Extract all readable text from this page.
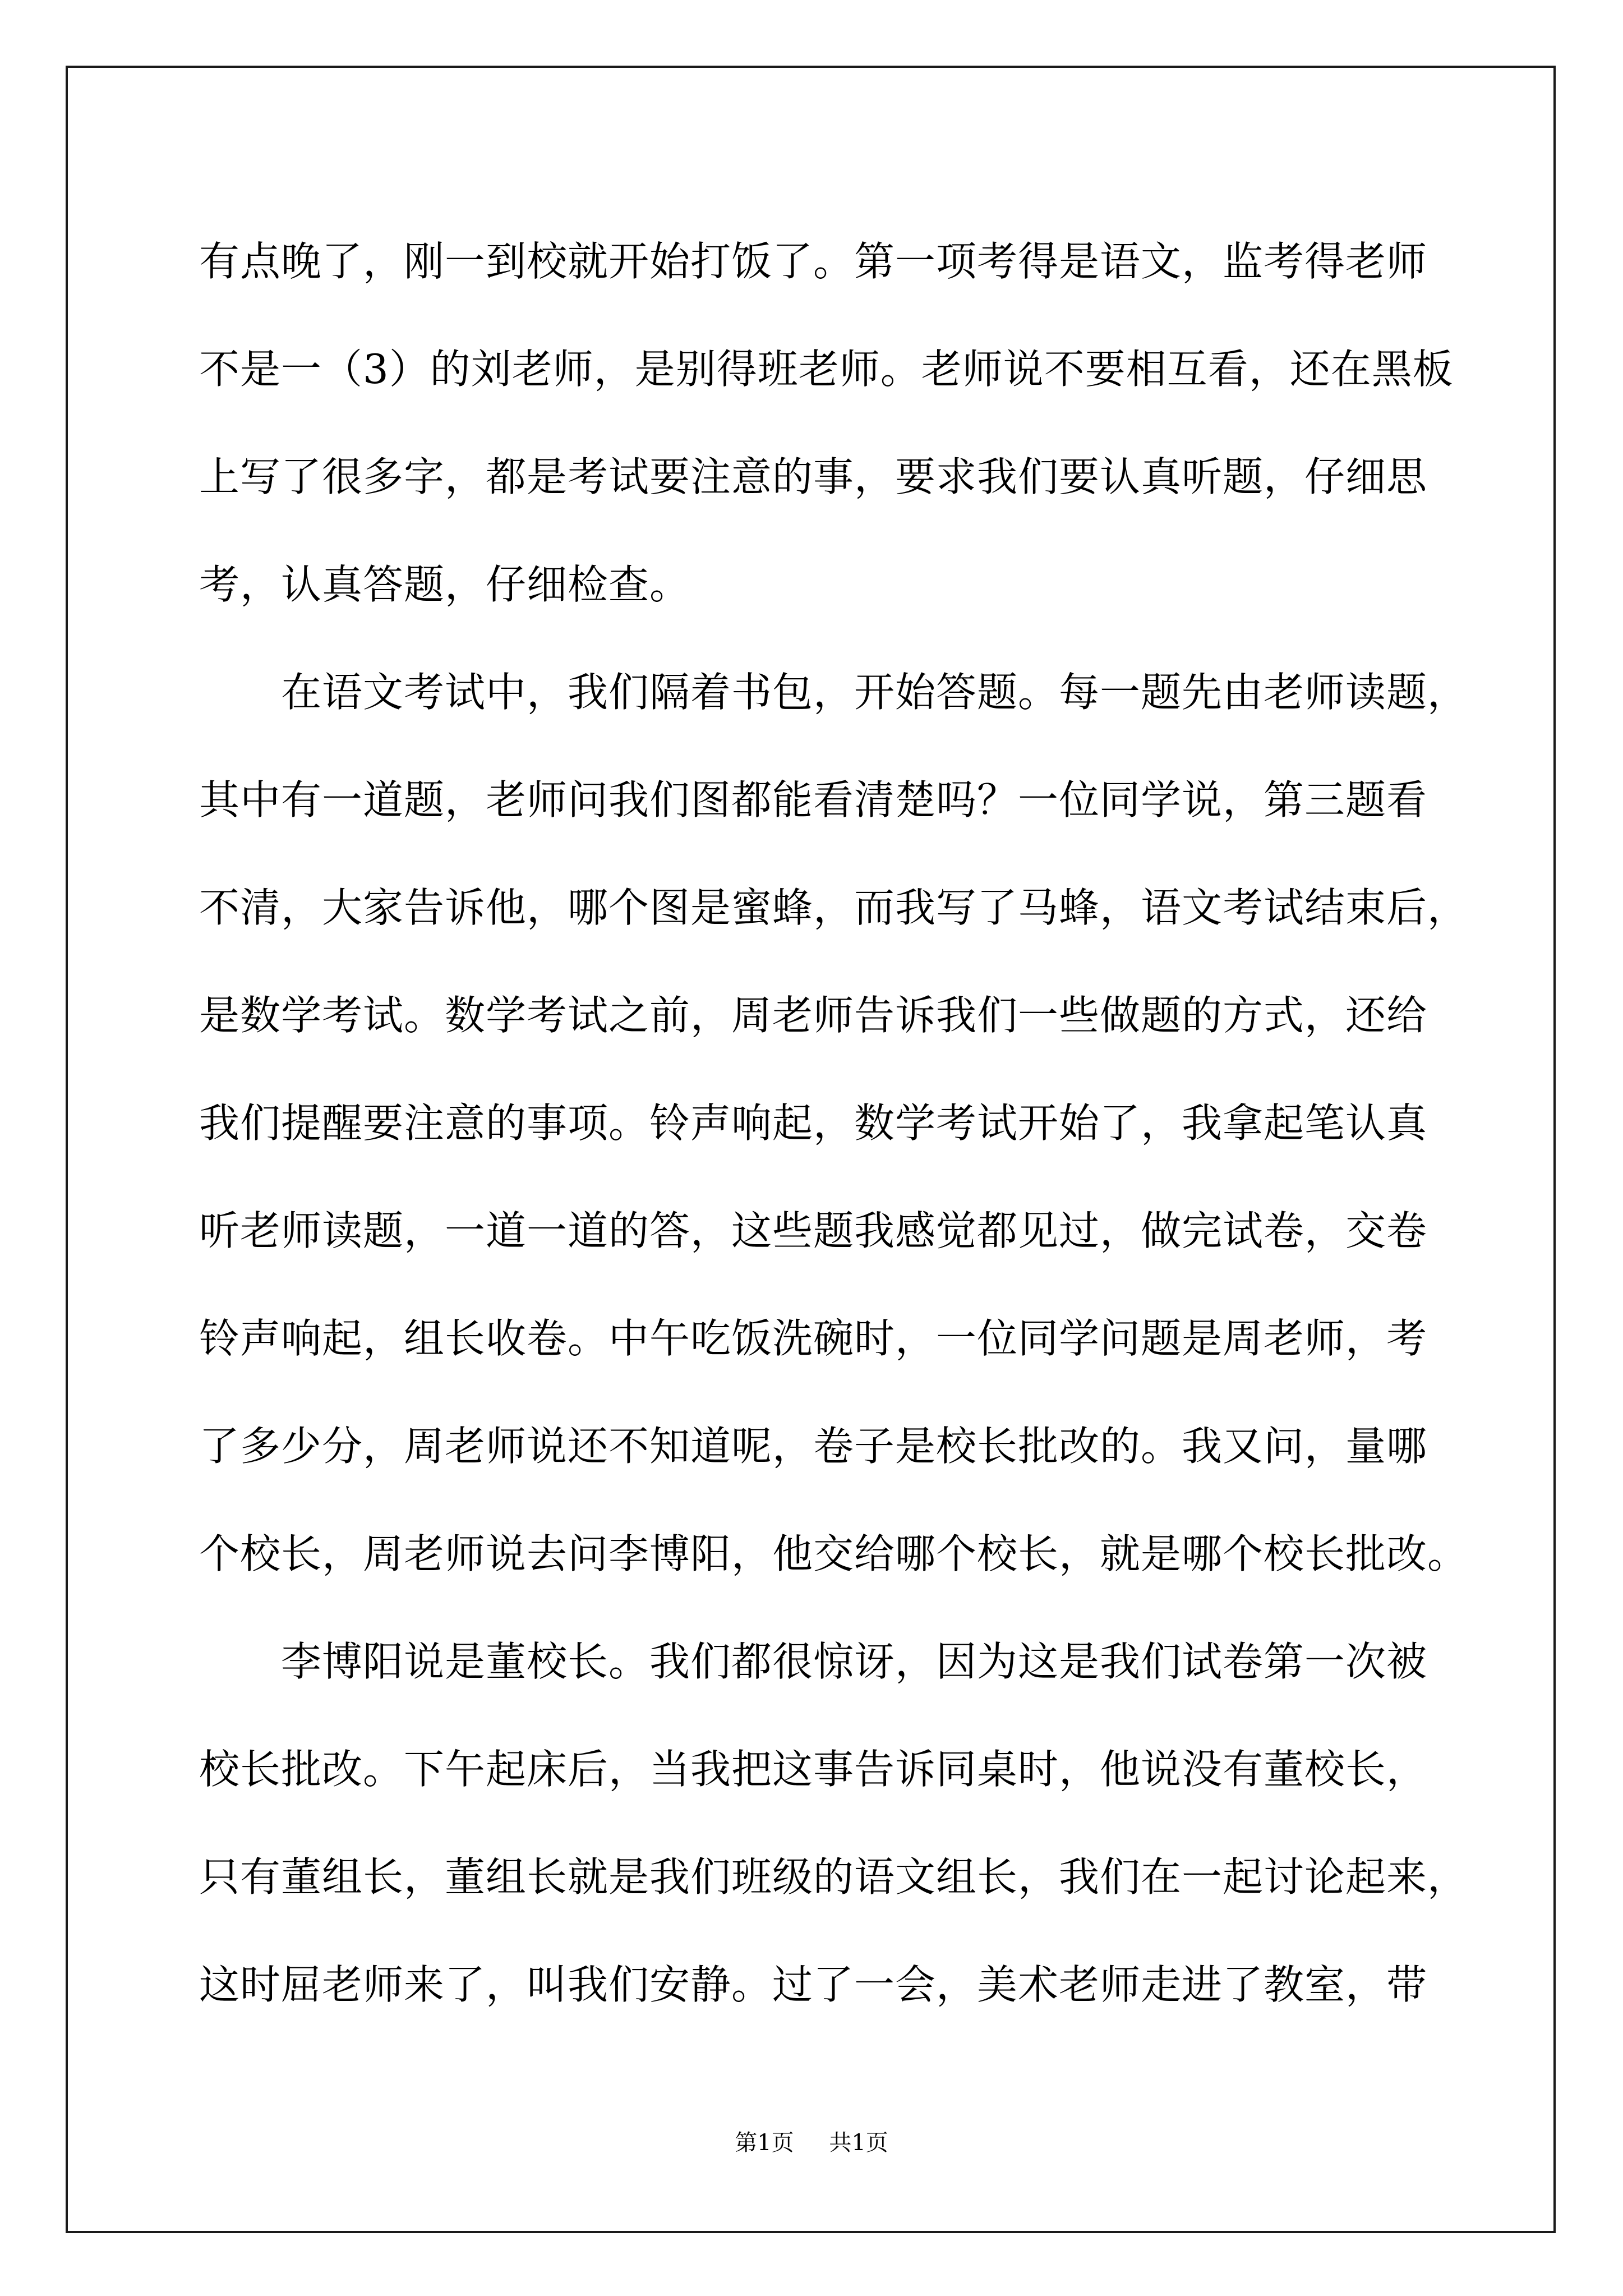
有点晚了，刚一到校就开始打饭了。第一项考得是语文，监考得老师
不是一（3）的刘老师，是别得班老师。老师说不要相互看，还在黑板
上写了很多字，都是考试要注意的事，要求我们要认真听题，仔细思
考，认真答题，仔细检查。
　　在语文考试中，我们隔着书包，开始答题。每一题先由老师读题，
其中有一道题，老师问我们图都能看清楚吗？一位同学说，第三题看
不清，大家告诉他，哪个图是蜜蜂，而我写了马蜂，语文考试结束后，
是数学考试。数学考试之前，周老师告诉我们一些做题的方式，还给
我们提醒要注意的事项。铃声响起，数学考试开始了，我拿起笔认真
听老师读题，一道一道的答，这些题我感觉都见过，做完试卷，交卷
铃声响起，组长收卷。中午吃饭洗碗时，一位同学问题是周老师，考
了多少分，周老师说还不知道呢，卷子是校长批改的。我又问，量哪
个校长，周老师说去问李博阳，他交给哪个校长，就是哪个校长批改。
　　李博阳说是董校长。我们都很惊讶，因为这是我们试卷第一次被
校长批改。下午起床后，当我把这事告诉同桌时，他说没有董校长，
只有董组长，董组长就是我们班级的语文组长，我们在一起讨论起来，
这时屈老师来了，叫我们安静。过了一会，美术老师走进了教室，带
第1页 共1页
